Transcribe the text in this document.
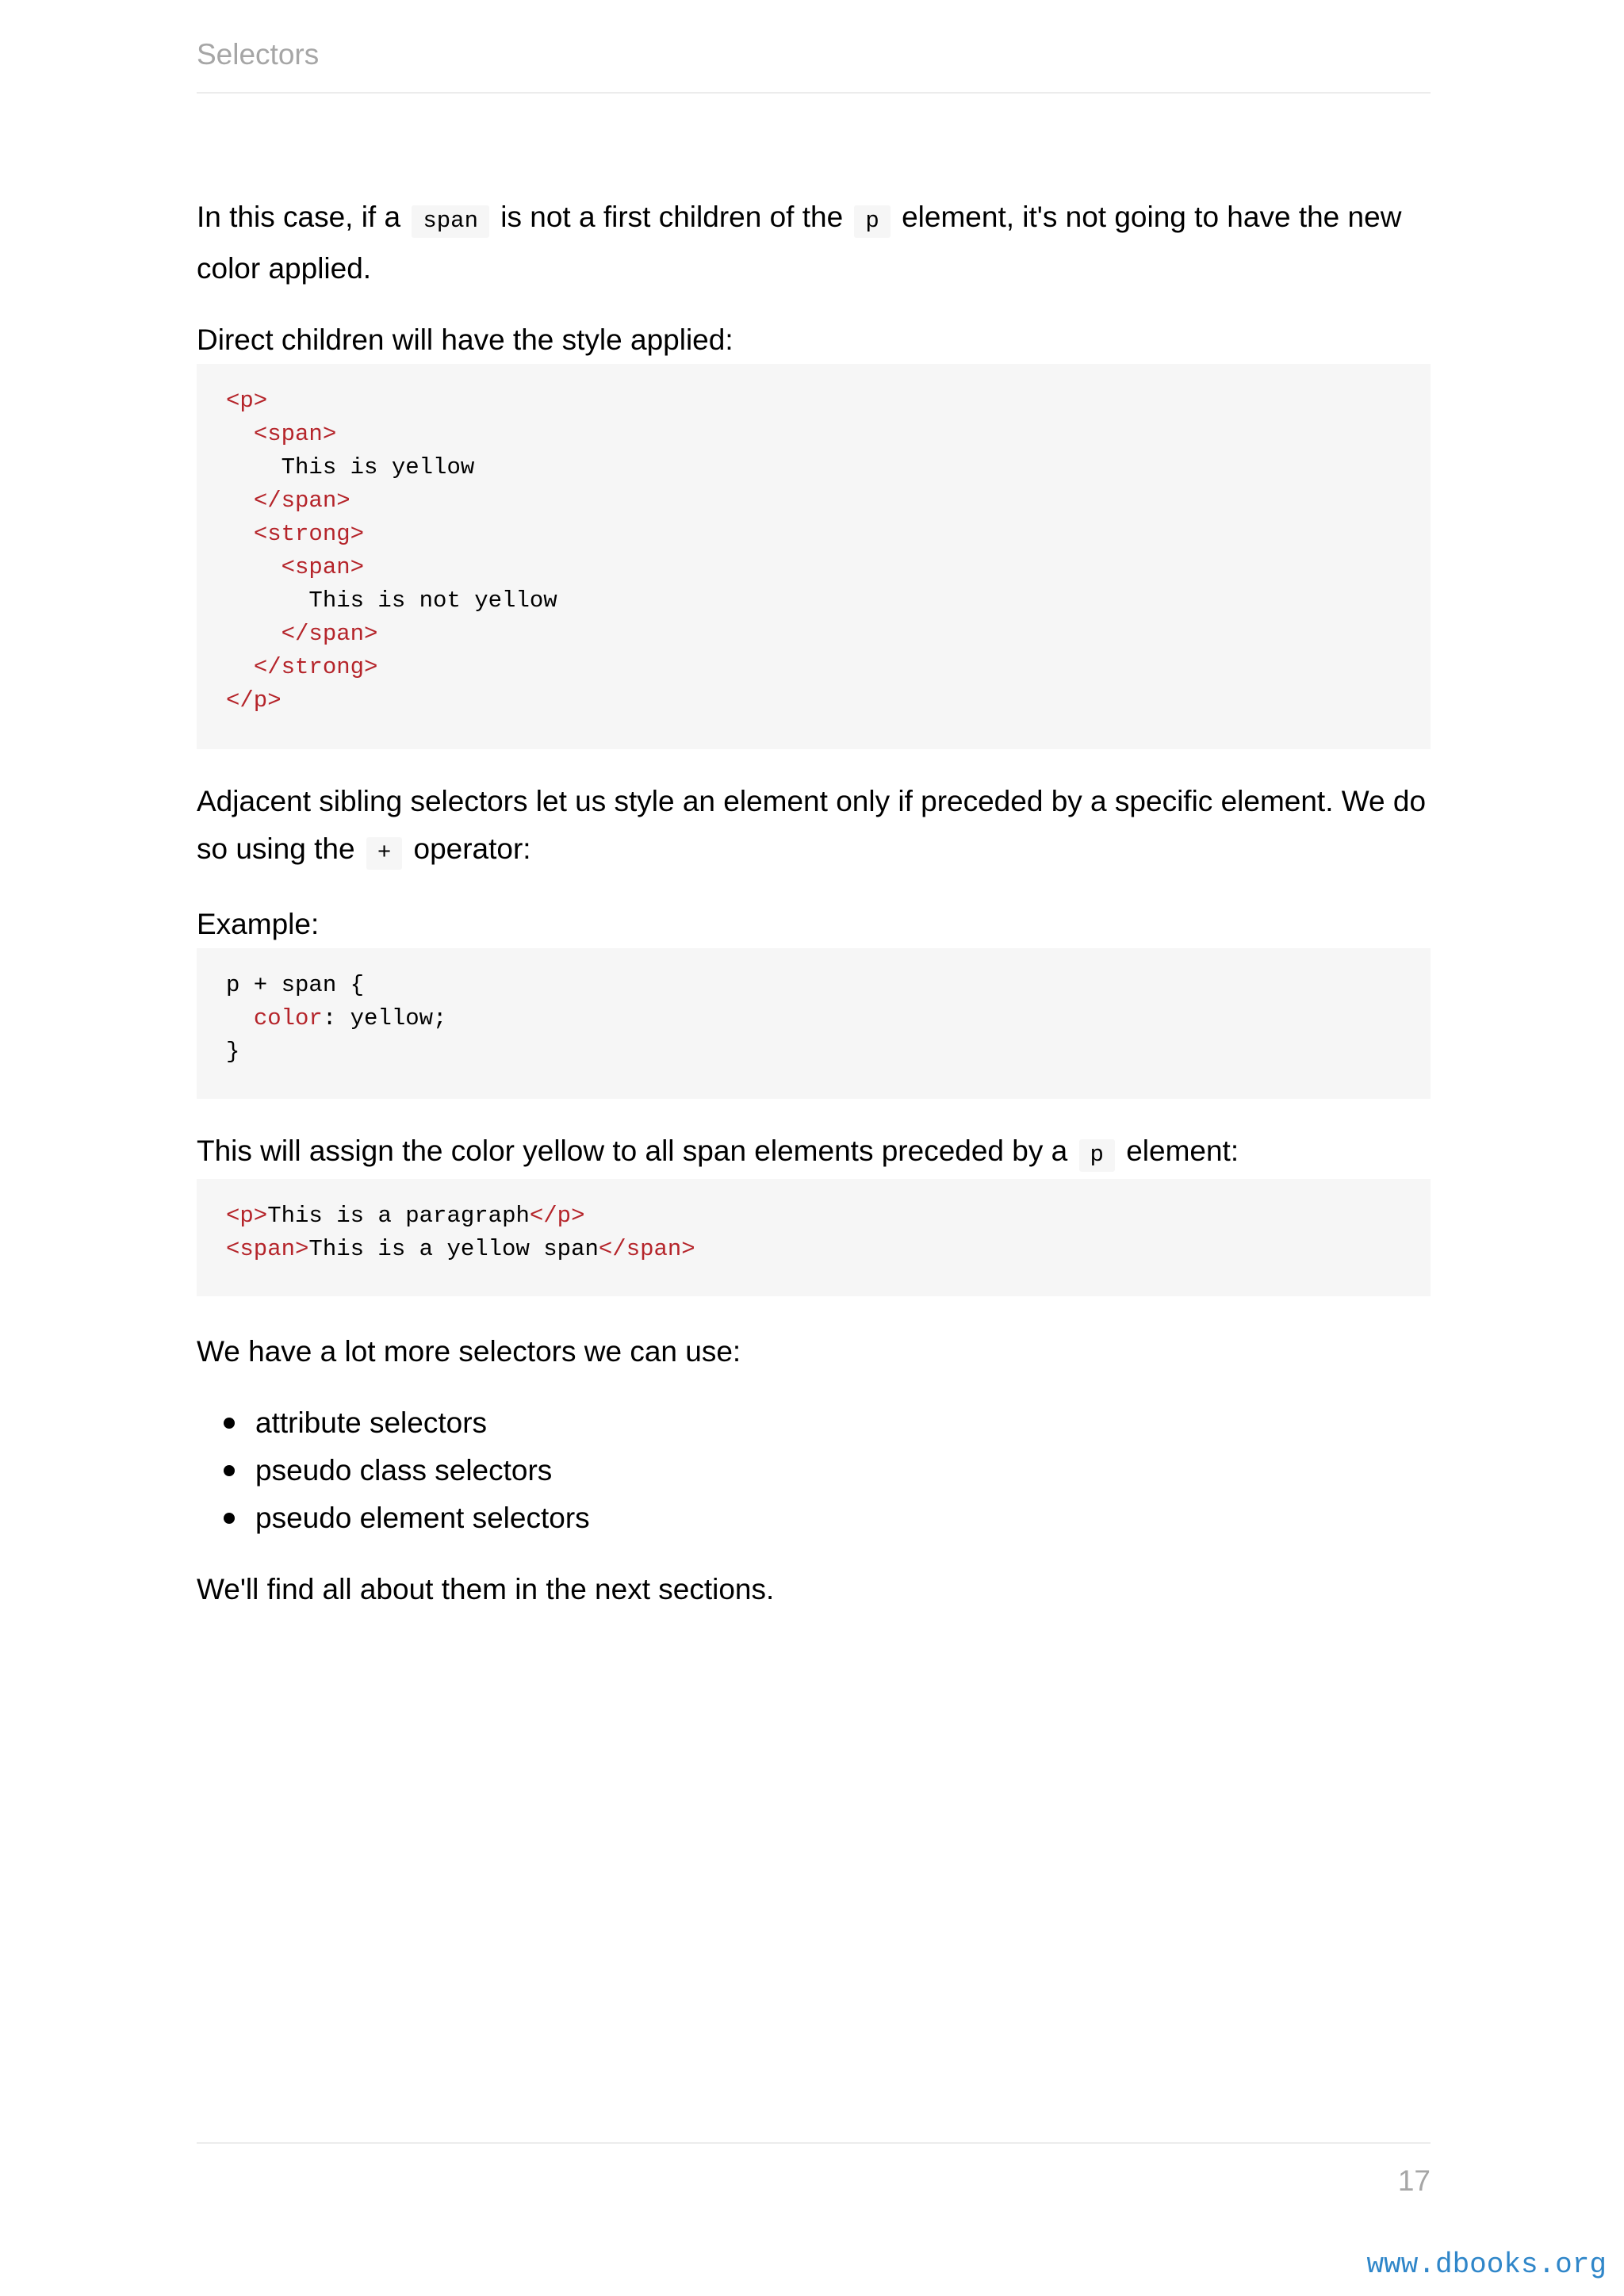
Selectors

In this case, if a span is not a first children of the p element, it's not going to have the new color applied.

Direct children will have the style applied:

<p>
<span>
This is yellow
</span>
<strong>
<span>
This is not yellow
</span>
</strong>
</p>

Adjacent sibling selectors let us style an element only if preceded by a specific element. We do so using the + operator:

Example:

p + span {
color: yellow;
}

This will assign the color yellow to all span elements preceded by a p element:

<p>This is a paragraph</p>
<span>This is a yellow span</span>

We have a lot more selectors we can use:

attribute selectors
pseudo class selectors
pseudo element selectors

We'll find all about them in the next sections.

17
www.dbooks.org
